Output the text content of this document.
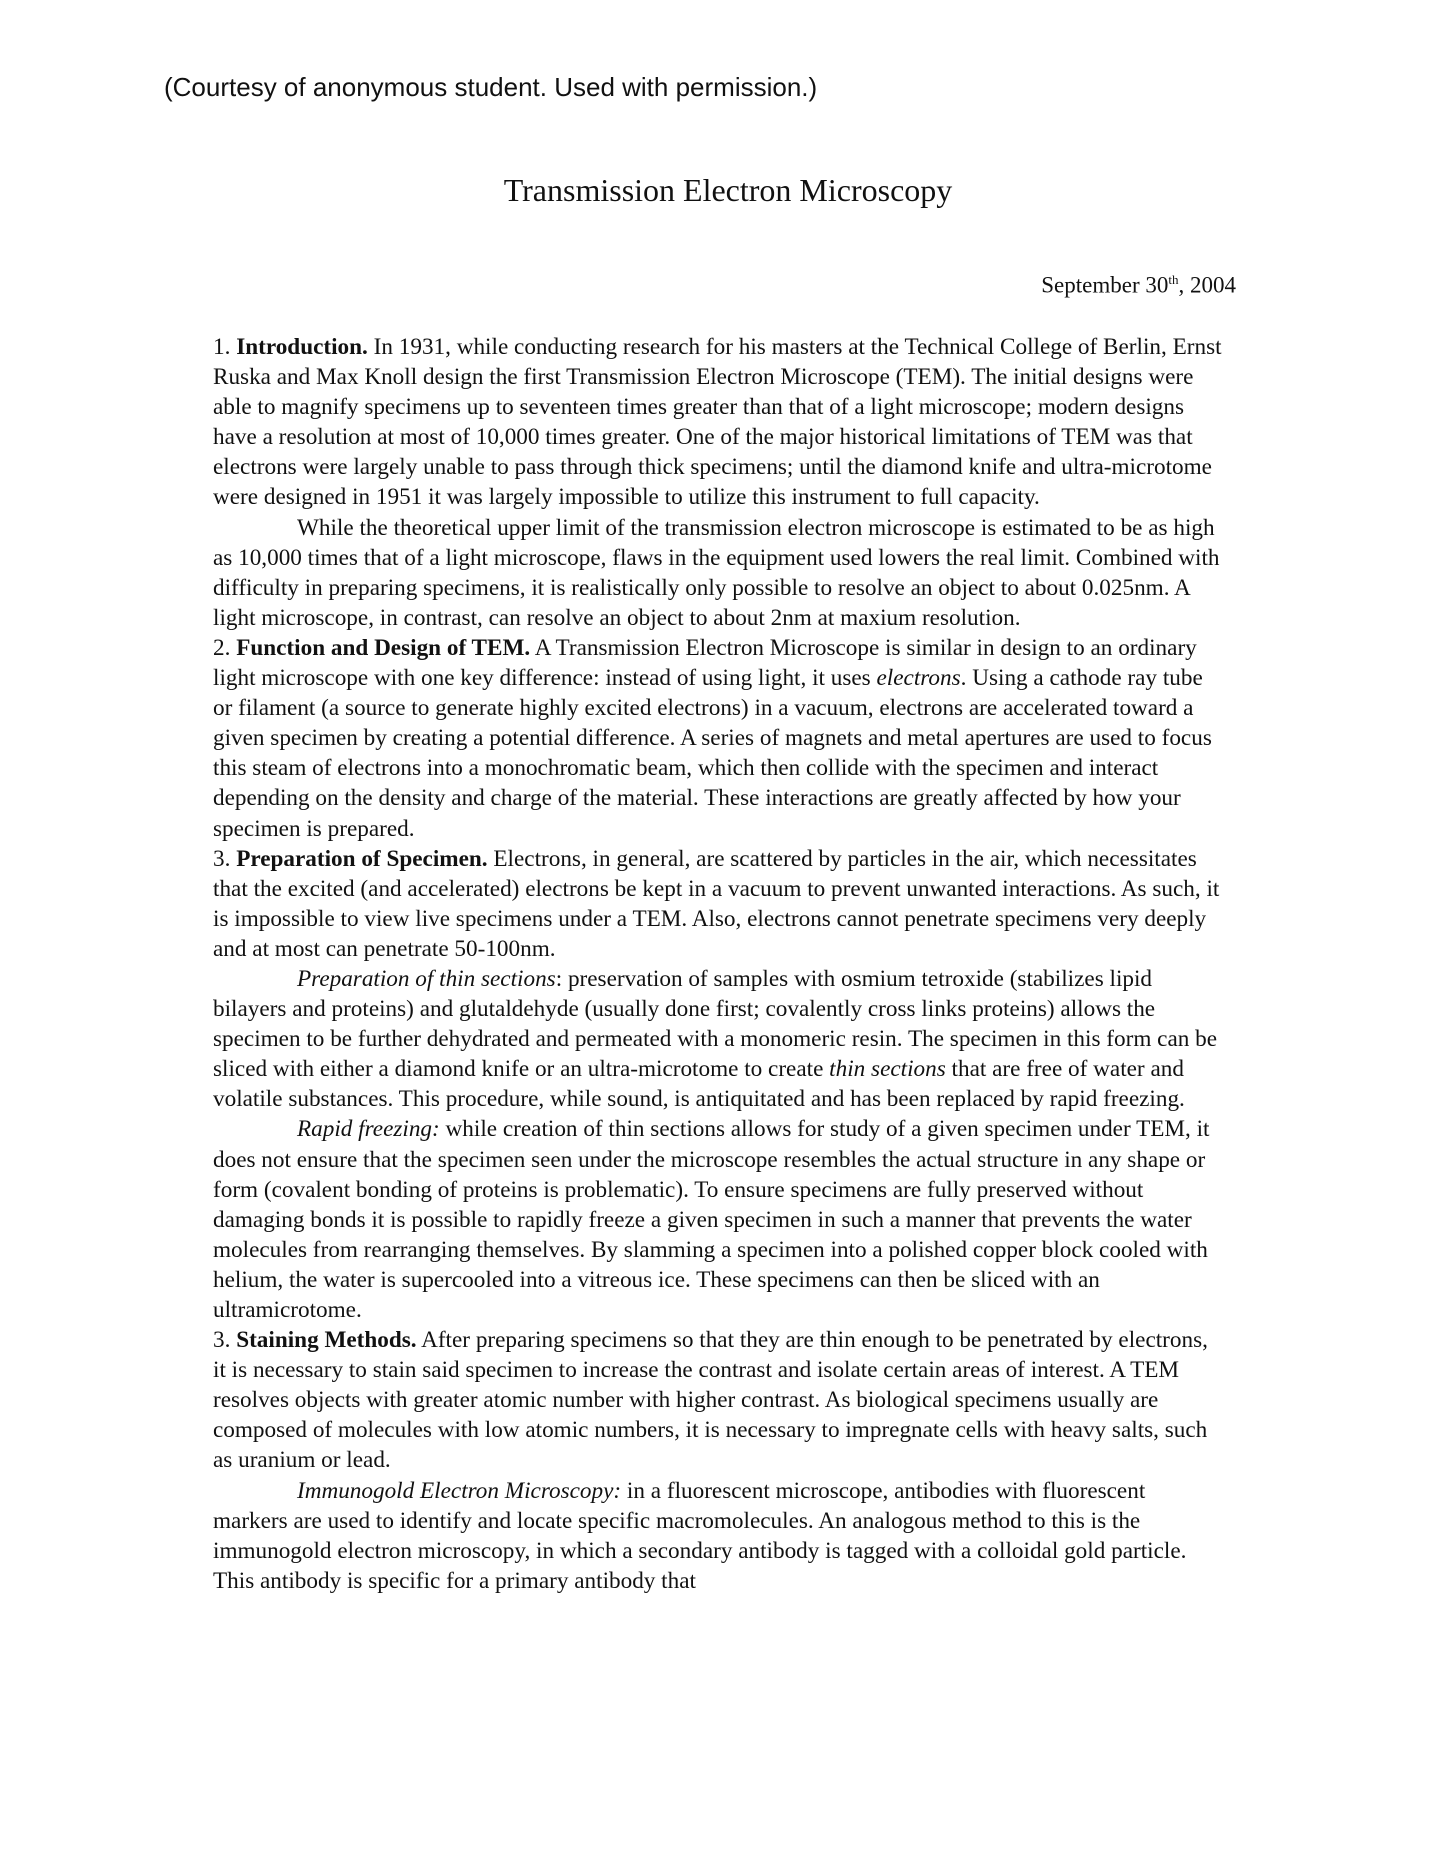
(Courtesy of anonymous student. Used with permission.)

Transmission Electron Microscopy

September 30th, 2004

1. Introduction. In 1931, while conducting research for his masters at the Technical College of Berlin, Ernst Ruska and Max Knoll design the first Transmission Electron Microscope (TEM). The initial designs were able to magnify specimens up to seventeen times greater than that of a light microscope; modern designs have a resolution at most of 10,000 times greater. One of the major historical limitations of TEM was that electrons were largely unable to pass through thick specimens; until the diamond knife and ultra-microtome were designed in 1951 it was largely impossible to utilize this instrument to full capacity.

While the theoretical upper limit of the transmission electron microscope is estimated to be as high as 10,000 times that of a light microscope, flaws in the equipment used lowers the real limit. Combined with difficulty in preparing specimens, it is realistically only possible to resolve an object to about 0.025nm. A light microscope, in contrast, can resolve an object to about 2nm at maxium resolution.

2. Function and Design of TEM. A Transmission Electron Microscope is similar in design to an ordinary light microscope with one key difference: instead of using light, it uses electrons. Using a cathode ray tube or filament (a source to generate highly excited electrons) in a vacuum, electrons are accelerated toward a given specimen by creating a potential difference. A series of magnets and metal apertures are used to focus this steam of electrons into a monochromatic beam, which then collide with the specimen and interact depending on the density and charge of the material. These interactions are greatly affected by how your specimen is prepared.

3. Preparation of Specimen. Electrons, in general, are scattered by particles in the air, which necessitates that the excited (and accelerated) electrons be kept in a vacuum to prevent unwanted interactions. As such, it is impossible to view live specimens under a TEM. Also, electrons cannot penetrate specimens very deeply and at most can penetrate 50-100nm.

Preparation of thin sections: preservation of samples with osmium tetroxide (stabilizes lipid bilayers and proteins) and glutaldehyde (usually done first; covalently cross links proteins) allows the specimen to be further dehydrated and permeated with a monomeric resin. The specimen in this form can be sliced with either a diamond knife or an ultra-microtome to create thin sections that are free of water and volatile substances. This procedure, while sound, is antiquitated and has been replaced by rapid freezing.

Rapid freezing: while creation of thin sections allows for study of a given specimen under TEM, it does not ensure that the specimen seen under the microscope resembles the actual structure in any shape or form (covalent bonding of proteins is problematic). To ensure specimens are fully preserved without damaging bonds it is possible to rapidly freeze a given specimen in such a manner that prevents the water molecules from rearranging themselves. By slamming a specimen into a polished copper block cooled with helium, the water is supercooled into a vitreous ice. These specimens can then be sliced with an ultramicrotome.

3. Staining Methods. After preparing specimens so that they are thin enough to be penetrated by electrons, it is necessary to stain said specimen to increase the contrast and isolate certain areas of interest. A TEM resolves objects with greater atomic number with higher contrast. As biological specimens usually are composed of molecules with low atomic numbers, it is necessary to impregnate cells with heavy salts, such as uranium or lead.

Immunogold Electron Microscopy: in a fluorescent microscope, antibodies with fluorescent markers are used to identify and locate specific macromolecules. An analogous method to this is the immunogold electron microscopy, in which a secondary antibody is tagged with a colloidal gold particle. This antibody is specific for a primary antibody that
